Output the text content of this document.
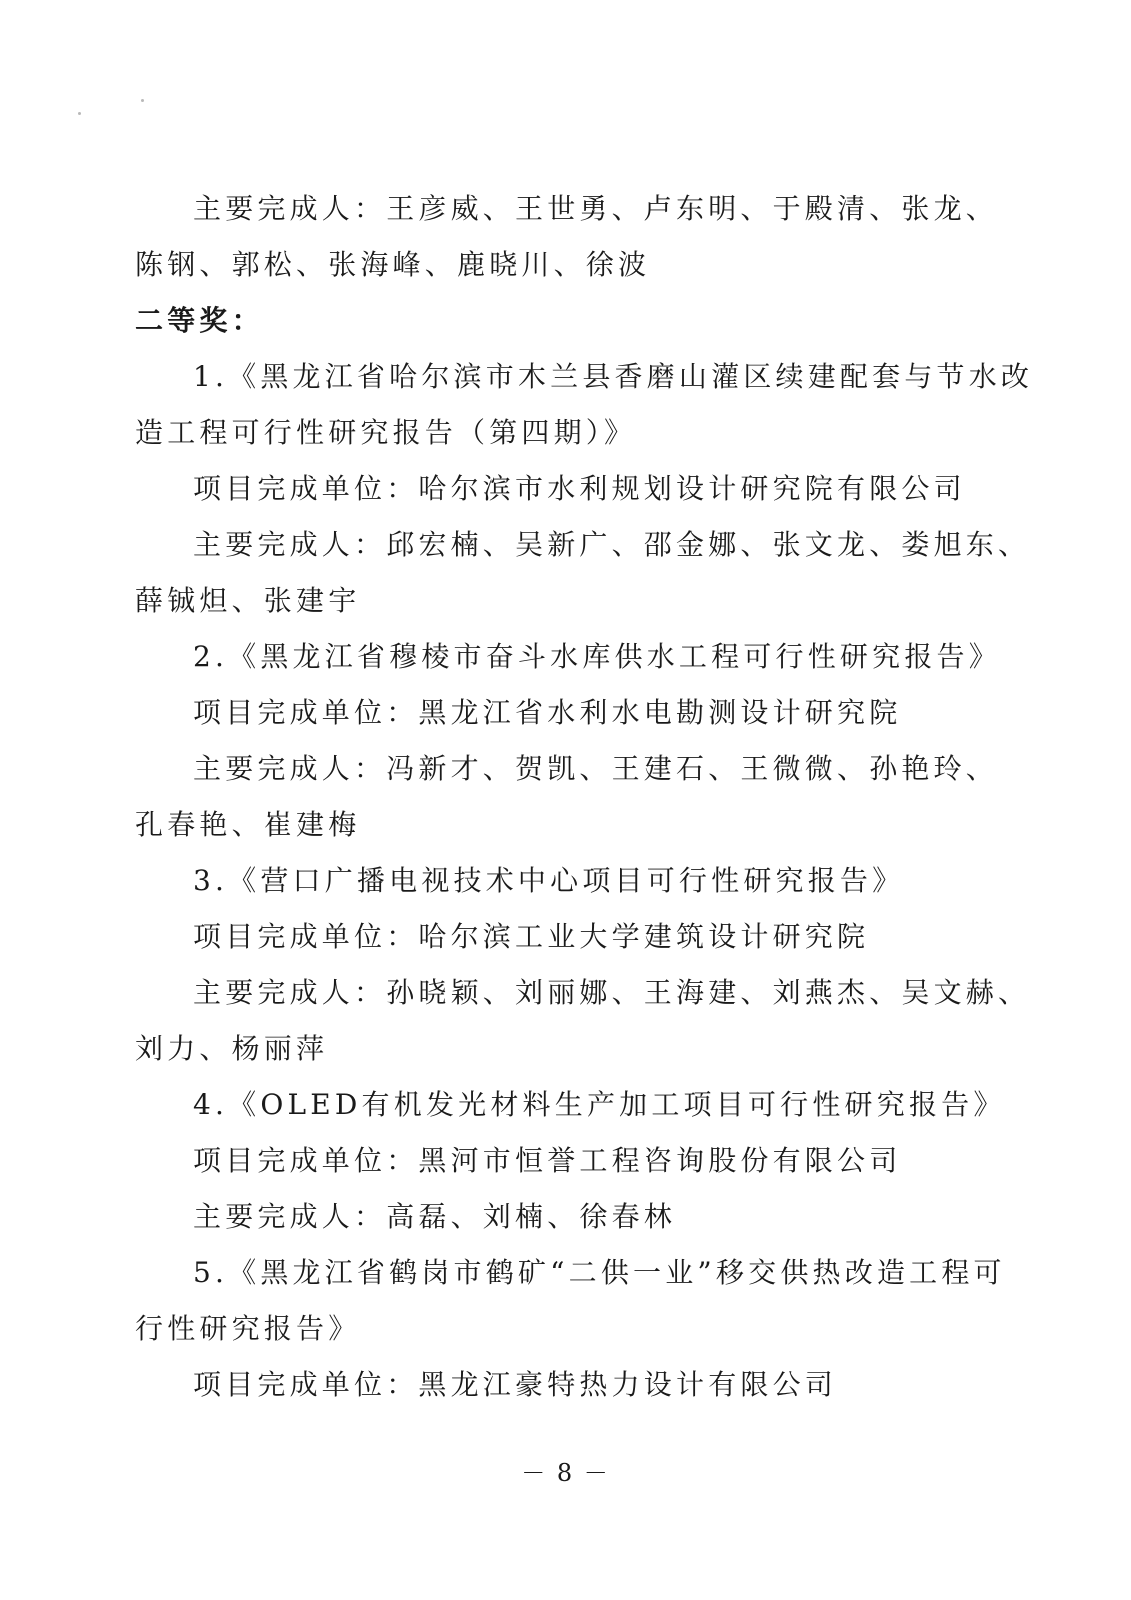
主要完成人：王彦威、王世勇、卢东明、于殿清、张龙、
陈钢、郭松、张海峰、鹿晓川、徐波
二等奖：
1.《黑龙江省哈尔滨市木兰县香磨山灌区续建配套与节水改
造工程可行性研究报告（第四期）》
项目完成单位：哈尔滨市水利规划设计研究院有限公司
主要完成人：邱宏楠、吴新广、邵金娜、张文龙、娄旭东、
薛铖炟、张建宇
2.《黑龙江省穆棱市奋斗水库供水工程可行性研究报告》
项目完成单位：黑龙江省水利水电勘测设计研究院
主要完成人：冯新才、贺凯、王建石、王微微、孙艳玲、
孔春艳、崔建梅
3.《营口广播电视技术中心项目可行性研究报告》
项目完成单位：哈尔滨工业大学建筑设计研究院
主要完成人：孙晓颖、刘丽娜、王海建、刘燕杰、吴文赫、
刘力、杨丽萍
4.《OLED有机发光材料生产加工项目可行性研究报告》
项目完成单位：黑河市恒誉工程咨询股份有限公司
主要完成人：高磊、刘楠、徐春林
5.《黑龙江省鹤岗市鹤矿“二供一业”移交供热改造工程可
行性研究报告》
项目完成单位：黑龙江豪特热力设计有限公司
－ 8 －
